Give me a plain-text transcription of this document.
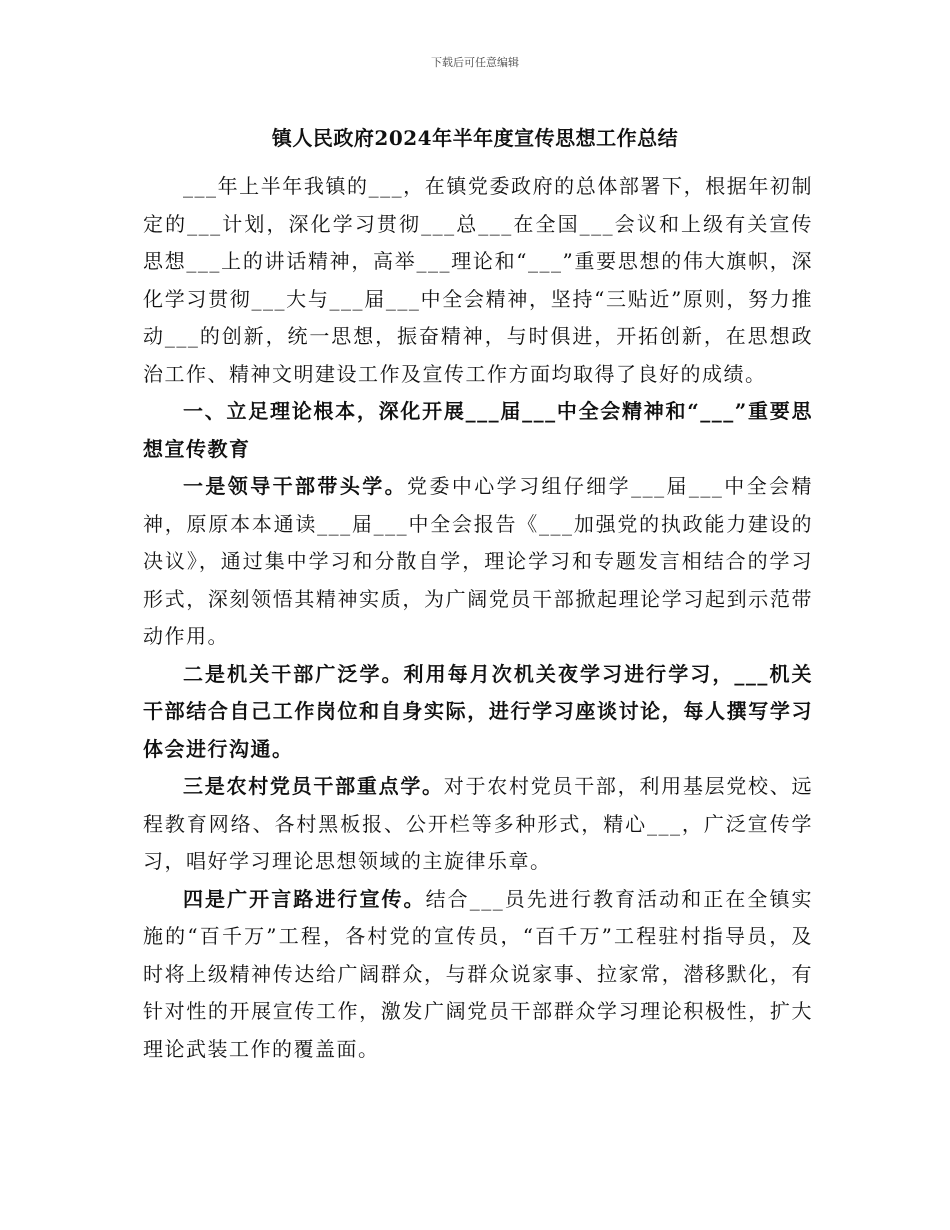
下载后可任意编辑
镇人民政府2024年半年度宣传思想工作总结

___年上半年我镇的___，在镇党委政府的总体部署下，根据年初制定的___计划，深化学习贯彻___总___在全国___会议和上级有关宣传思想___上的讲话精神，高举___理论和“___”重要思想的伟大旗帜，深化学习贯彻___大与___届___中全会精神，坚持“三贴近”原则，努力推动___的创新，统一思想，振奋精神，与时俱进，开拓创新，在思想政治工作、精神文明建设工作及宣传工作方面均取得了良好的成绩。

一、立足理论根本，深化开展___届___中全会精神和“___”重要思想宣传教育

一是领导干部带头学。党委中心学习组仔细学___届___中全会精神，原原本本通读___届___中全会报告《___加强党的执政能力建设的决议》，通过集中学习和分散自学，理论学习和专题发言相结合的学习形式，深刻领悟其精神实质，为广阔党员干部掀起理论学习起到示范带动作用。

二是机关干部广泛学。利用每月次机关夜学习进行学习，___机关干部结合自己工作岗位和自身实际，进行学习座谈讨论，每人撰写学习体会进行沟通。

三是农村党员干部重点学。对于农村党员干部，利用基层党校、远程教育网络、各村黑板报、公开栏等多种形式，精心___，广泛宣传学习，唱好学习理论思想领域的主旋律乐章。

四是广开言路进行宣传。结合___员先进行教育活动和正在全镇实施的“百千万”工程，各村党的宣传员，“百千万”工程驻村指导员，及时将上级精神传达给广阔群众，与群众说家事、拉家常，潜移默化，有针对性的开展宣传工作，激发广阔党员干部群众学习理论积极性，扩大理论武装工作的覆盖面。
